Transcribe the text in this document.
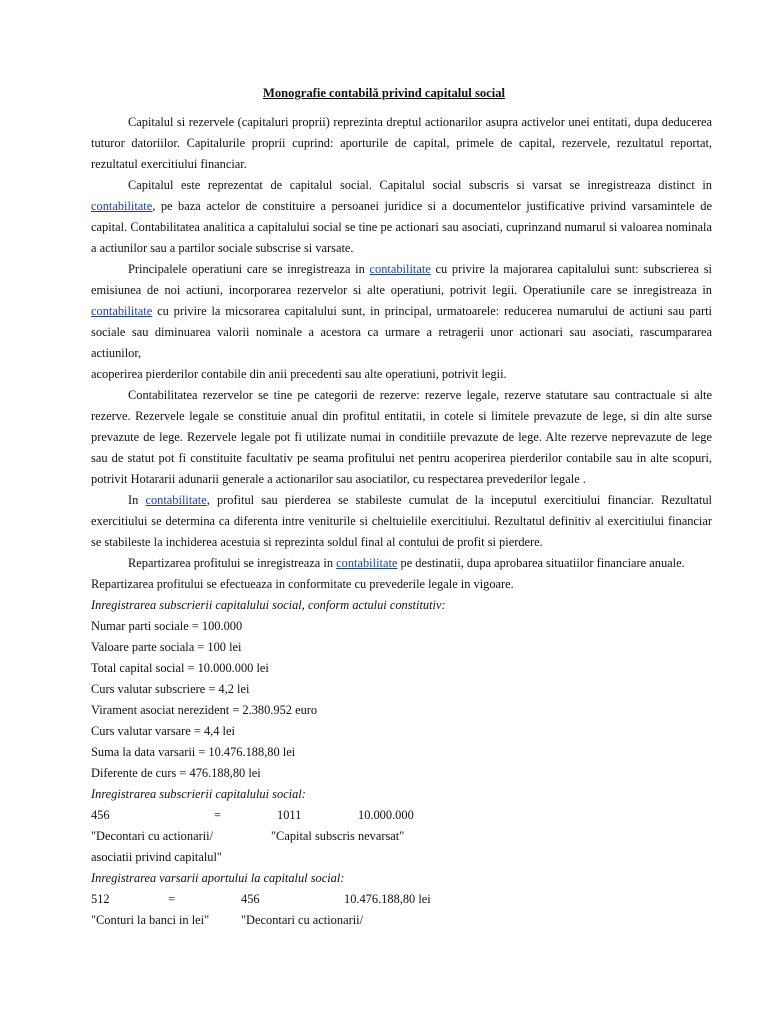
Monografie contabilă privind capitalul social

Capitalul si rezervele (capitaluri proprii) reprezinta dreptul actionarilor asupra activelor unei entitati, dupa deducerea tuturor datoriilor. Capitalurile proprii cuprind: aporturile de capital, primele de capital, rezervele, rezultatul reportat, rezultatul exercitiului financiar.

Capitalul este reprezentat de capitalul social. Capitalul social subscris si varsat se inregistreaza distinct in contabilitate, pe baza actelor de constituire a persoanei juridice si a documentelor justificative privind varsamintele de capital. Contabilitatea analitica a capitalului social se tine pe actionari sau asociati, cuprinzand numarul si valoarea nominala a actiunilor sau a partilor sociale subscrise si varsate.

Principalele operatiuni care se inregistreaza in contabilitate cu privire la majorarea capitalului sunt: subscrierea si emisiunea de noi actiuni, incorporarea rezervelor si alte operatiuni, potrivit legii. Operatiunile care se inregistreaza in contabilitate cu privire la micsorarea capitalului sunt, in principal, urmatoarele: reducerea numarului de actiuni sau parti sociale sau diminuarea valorii nominale a acestora ca urmare a retragerii unor actionari sau asociati, rascumpararea actiunilor,

acoperirea pierderilor contabile din anii precedenti sau alte operatiuni, potrivit legii.

Contabilitatea rezervelor se tine pe categorii de rezerve: rezerve legale, rezerve statutare sau contractuale si alte rezerve. Rezervele legale se constituie anual din profitul entitatii, in cotele si limitele prevazute de lege, si din alte surse prevazute de lege. Rezervele legale pot fi utilizate numai in conditiile prevazute de lege. Alte rezerve neprevazute de lege sau de statut pot fi constituite facultativ pe seama profitului net pentru acoperirea pierderilor contabile sau in alte scopuri, potrivit Hotararii adunarii generale a actionarilor sau asociatilor, cu respectarea prevederilor legale .

In contabilitate, profitul sau pierderea se stabileste cumulat de la inceputul exercitiului financiar. Rezultatul exercitiului se determina ca diferenta intre veniturile si cheltuielile exercitiului. Rezultatul definitiv al exercitiului financiar se stabileste la inchiderea acestuia si reprezinta soldul final al contului de profit si pierdere.

Repartizarea profitului se inregistreaza in contabilitate pe destinatii, dupa aprobarea situatiilor financiare anuale.

Repartizarea profitului se efectueaza in conformitate cu prevederile legale in vigoare.

Inregistrarea subscrierii capitalului social, conform actului constitutiv:

Numar parti sociale = 100.000

Valoare parte sociala = 100 lei

Total capital social = 10.000.000 lei

Curs valutar subscriere = 4,2 lei

Virament asociat nerezident = 2.380.952 euro

Curs valutar varsare = 4,4 lei

Suma la data varsarii = 10.476.188,80 lei

Diferente de curs = 476.188,80 lei

Inregistrarea subscrierii capitalului social:

456	=	1011	10.000.000
"Decontari cu actionarii/	"Capital subscris nevarsat"

asociatii privind capitalul"

Inregistrarea varsarii aportului la capitalul social:

512	=	456	10.476.188,80 lei
"Conturi la banci in lei"	"Decontari cu actionarii/
